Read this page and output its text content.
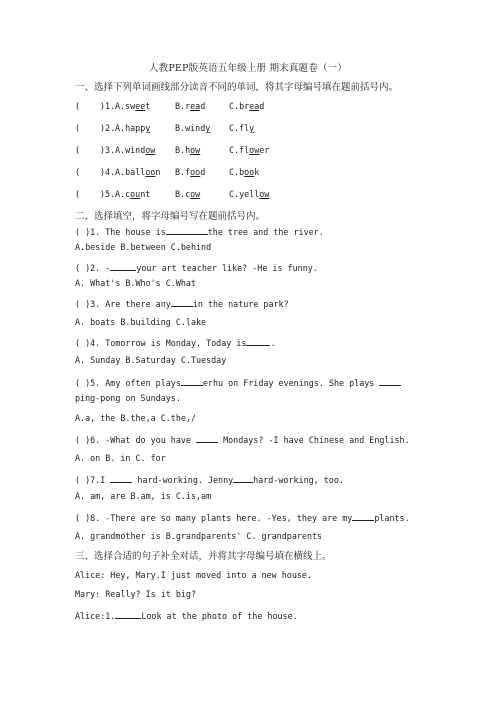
人教PEP版英语五年级上册 期末真题卷（一）
一、选择下列单词画线部分读音不同的单词，将其字母编号填在题前括号内。
( )1. A.sweet	B.read	C.bread
( )2. A.happy	B.windy C.fly
( )3. A.window B.how	C.flower
( )4. A.balloon B.food	C.book
( )5. A.count	B.cow	C.yellow
二、选择填空，将字母编号写在题前括号内。
( )1. The house is	the tree and the river.
A.beside B.between C.behind
( )2. -	your art teacher like? -He is funny.
A. What's B.Who's C.What
( )3. Are there any	in the nature park?
A. boats B.building C.lake
( )4. Tomorrow is Monday. Today is	.
A. Sunday B.Saturday C.Tuesday
( )5. Amy often plays	erhu on Friday evenings. She plays
ping-pong on Sundays.
A.a, the B.the,a C.the,/
( )6. -What do you have	Mondays? -I have Chinese and English.
A. on B. in C. for
( )7.I	hard-working. Jenny hard-working, too.
A. am, are B.am, is C.is,am
( )8. -There are so many plants here. -Yes, they are my	plants.
A. grandmother is B.grandparents' C. grandparents
三、选择合适的句子补全对话，并将其字母编号填在横线上。
Alice: Hey, Mary.I just moved into a new house.
Mary: Really? Is it big?
Alice:1.	Look at the photo of the house.
